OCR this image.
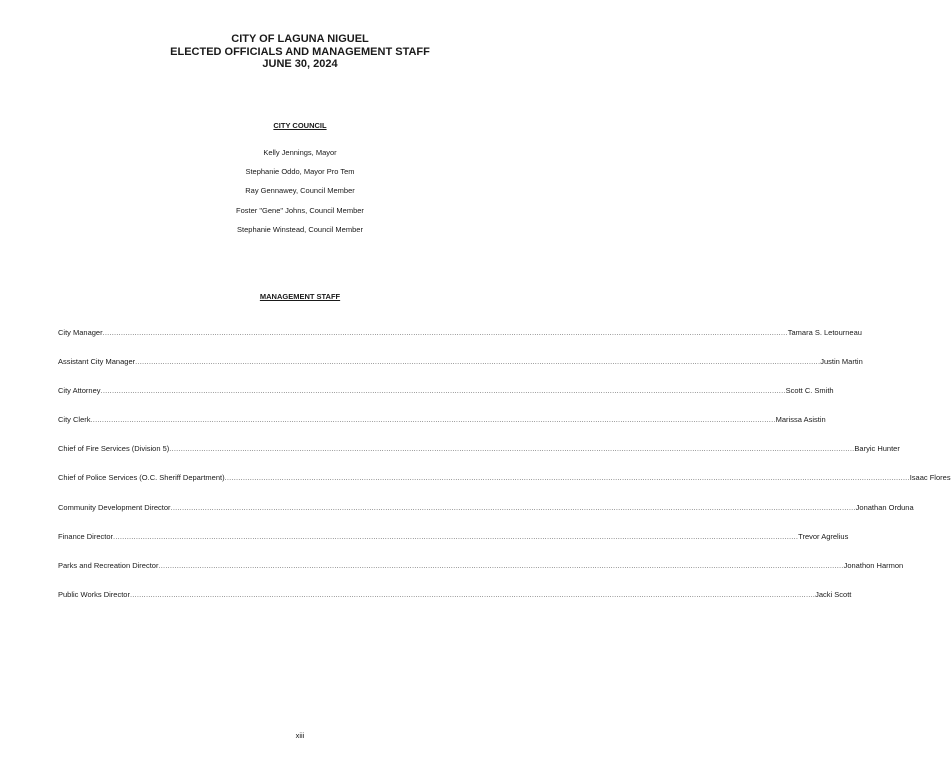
CITY OF LAGUNA NIGUEL
ELECTED OFFICIALS AND MANAGEMENT STAFF
JUNE 30, 2024
CITY COUNCIL
Kelly Jennings, Mayor
Stephanie Oddo, Mayor Pro Tem
Ray Gennawey, Council Member
Foster "Gene" Johns, Council Member
Stephanie Winstead, Council Member
MANAGEMENT STAFF
City Manager ............................................................................................................................................................................................................................................................................................................ Tamara S. Letourneau
Assistant City Manager ............................................................................................................................................................................................................................................................................................................ Justin Martin
City Attorney ............................................................................................................................................................................................................................................................................................................ Scott C. Smith
City Clerk ............................................................................................................................................................................................................................................................................................................ Marissa Asistin
Chief of Fire Services (Division 5) ............................................................................................................................................................................................................................................................................................................ Baryic Hunter
Chief of Police Services (O.C. Sheriff Department) ............................................................................................................................................................................................................................................................................................................ Isaac Flores
Community Development Director ............................................................................................................................................................................................................................................................................................................ Jonathan Orduna
Finance Director ............................................................................................................................................................................................................................................................................................................ Trevor Agrelius
Parks and Recreation Director ............................................................................................................................................................................................................................................................................................................ Jonathon Harmon
Public Works Director ............................................................................................................................................................................................................................................................................................................ Jacki Scott
xiii
